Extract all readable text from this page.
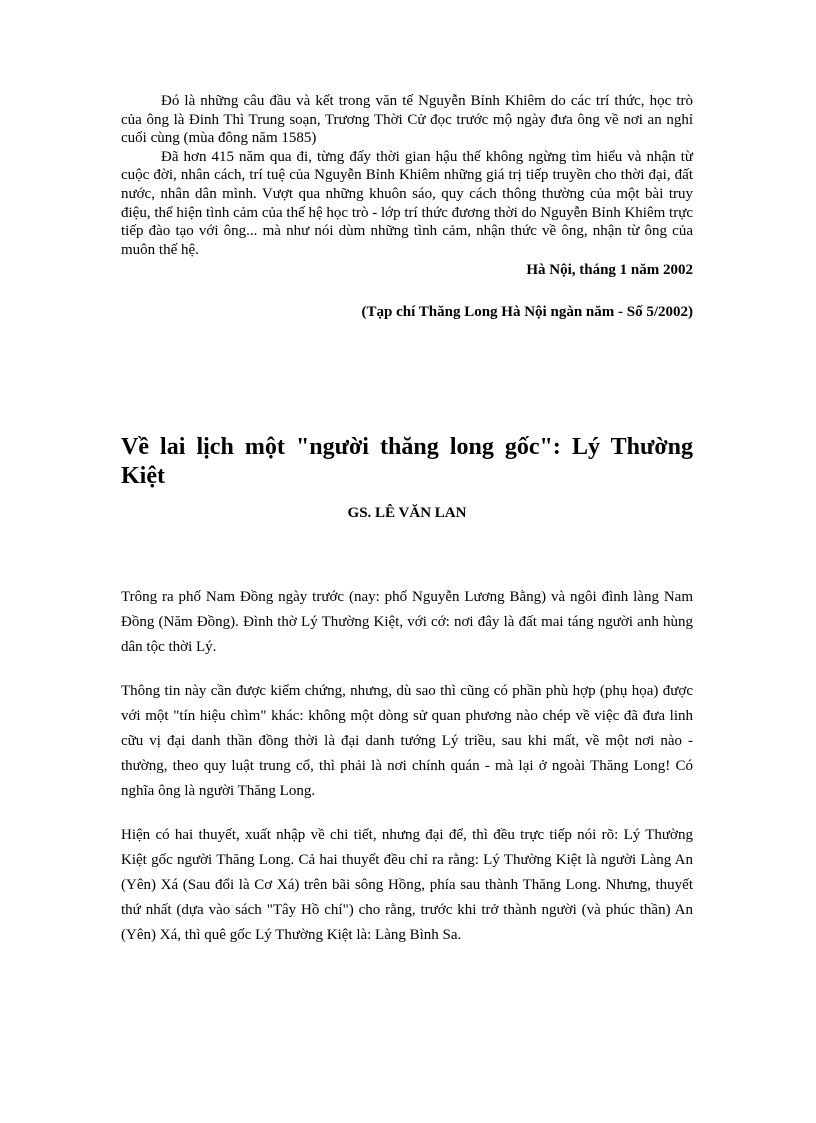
Đó là những câu đầu và kết trong văn tế Nguyễn Bỉnh Khiêm do các trí thức, học trò của ông là Đinh Thì Trung soạn, Trương Thời Cử đọc trước mộ ngày đưa ông về nơi an nghỉ cuối cùng (mùa đông năm 1585)

Đã hơn 415 năm qua đi, từng đấy thời gian hậu thế không ngừng tìm hiểu và nhận từ cuộc đời, nhân cách, trí tuệ của Nguyễn Bỉnh Khiêm những giá trị tiếp truyền cho thời đại, đất nước, nhân dân mình. Vượt qua những khuôn sáo, quy cách thông thường của một bài truy điệu, thể hiện tình cảm của thế hệ học trò - lớp trí thức đương thời do Nguyễn Bỉnh Khiêm trực tiếp đào tạo với ông... mà như nói dùm những tình cảm, nhận thức về ông, nhận từ ông của muôn thế hệ.

Hà Nội, tháng 1 năm 2002

(Tạp chí Thăng Long Hà Nội ngàn năm - Số 5/2002)

Về lai lịch một "người thăng long gốc": Lý Thường Kiệt

GS. LÊ VĂN LAN

Trông ra phố Nam Đồng ngày trước (nay: phố Nguyễn Lương Bằng) và ngôi đình làng Nam Đồng (Năm Đồng). Đình thờ Lý Thường Kiệt, với cớ: nơi đây là đất mai táng người anh hùng dân tộc thời Lý.

Thông tin này cần được kiểm chứng, nhưng, dù sao thì cũng có phần phù hợp (phụ họa) được với một "tín hiệu chìm" khác: không một dòng sử quan phương nào chép về việc đã đưa linh cữu vị đại danh thần đồng thời là đại danh tướng Lý triều, sau khi mất, về một nơi nào - thường, theo quy luật trung cổ, thì phải là nơi chính quán - mà lại ở ngoài Thăng Long! Có nghĩa ông là người Thăng Long.

Hiện có hai thuyết, xuất nhập về chi tiết, nhưng đại để, thì đều trực tiếp nói rõ: Lý Thường Kiệt gốc người Thăng Long. Cả hai thuyết đều chỉ ra rằng: Lý Thường Kiệt là người Làng An (Yên) Xá (Sau đổi là Cơ Xá) trên bãi sông Hồng, phía sau thành Thăng Long. Nhưng, thuyết thứ nhất (dựa vào sách "Tây Hồ chí") cho rằng, trước khi trở thành người (và phúc thần) An (Yên) Xá, thì quê gốc Lý Thường Kiệt là: Làng Bình Sa.
